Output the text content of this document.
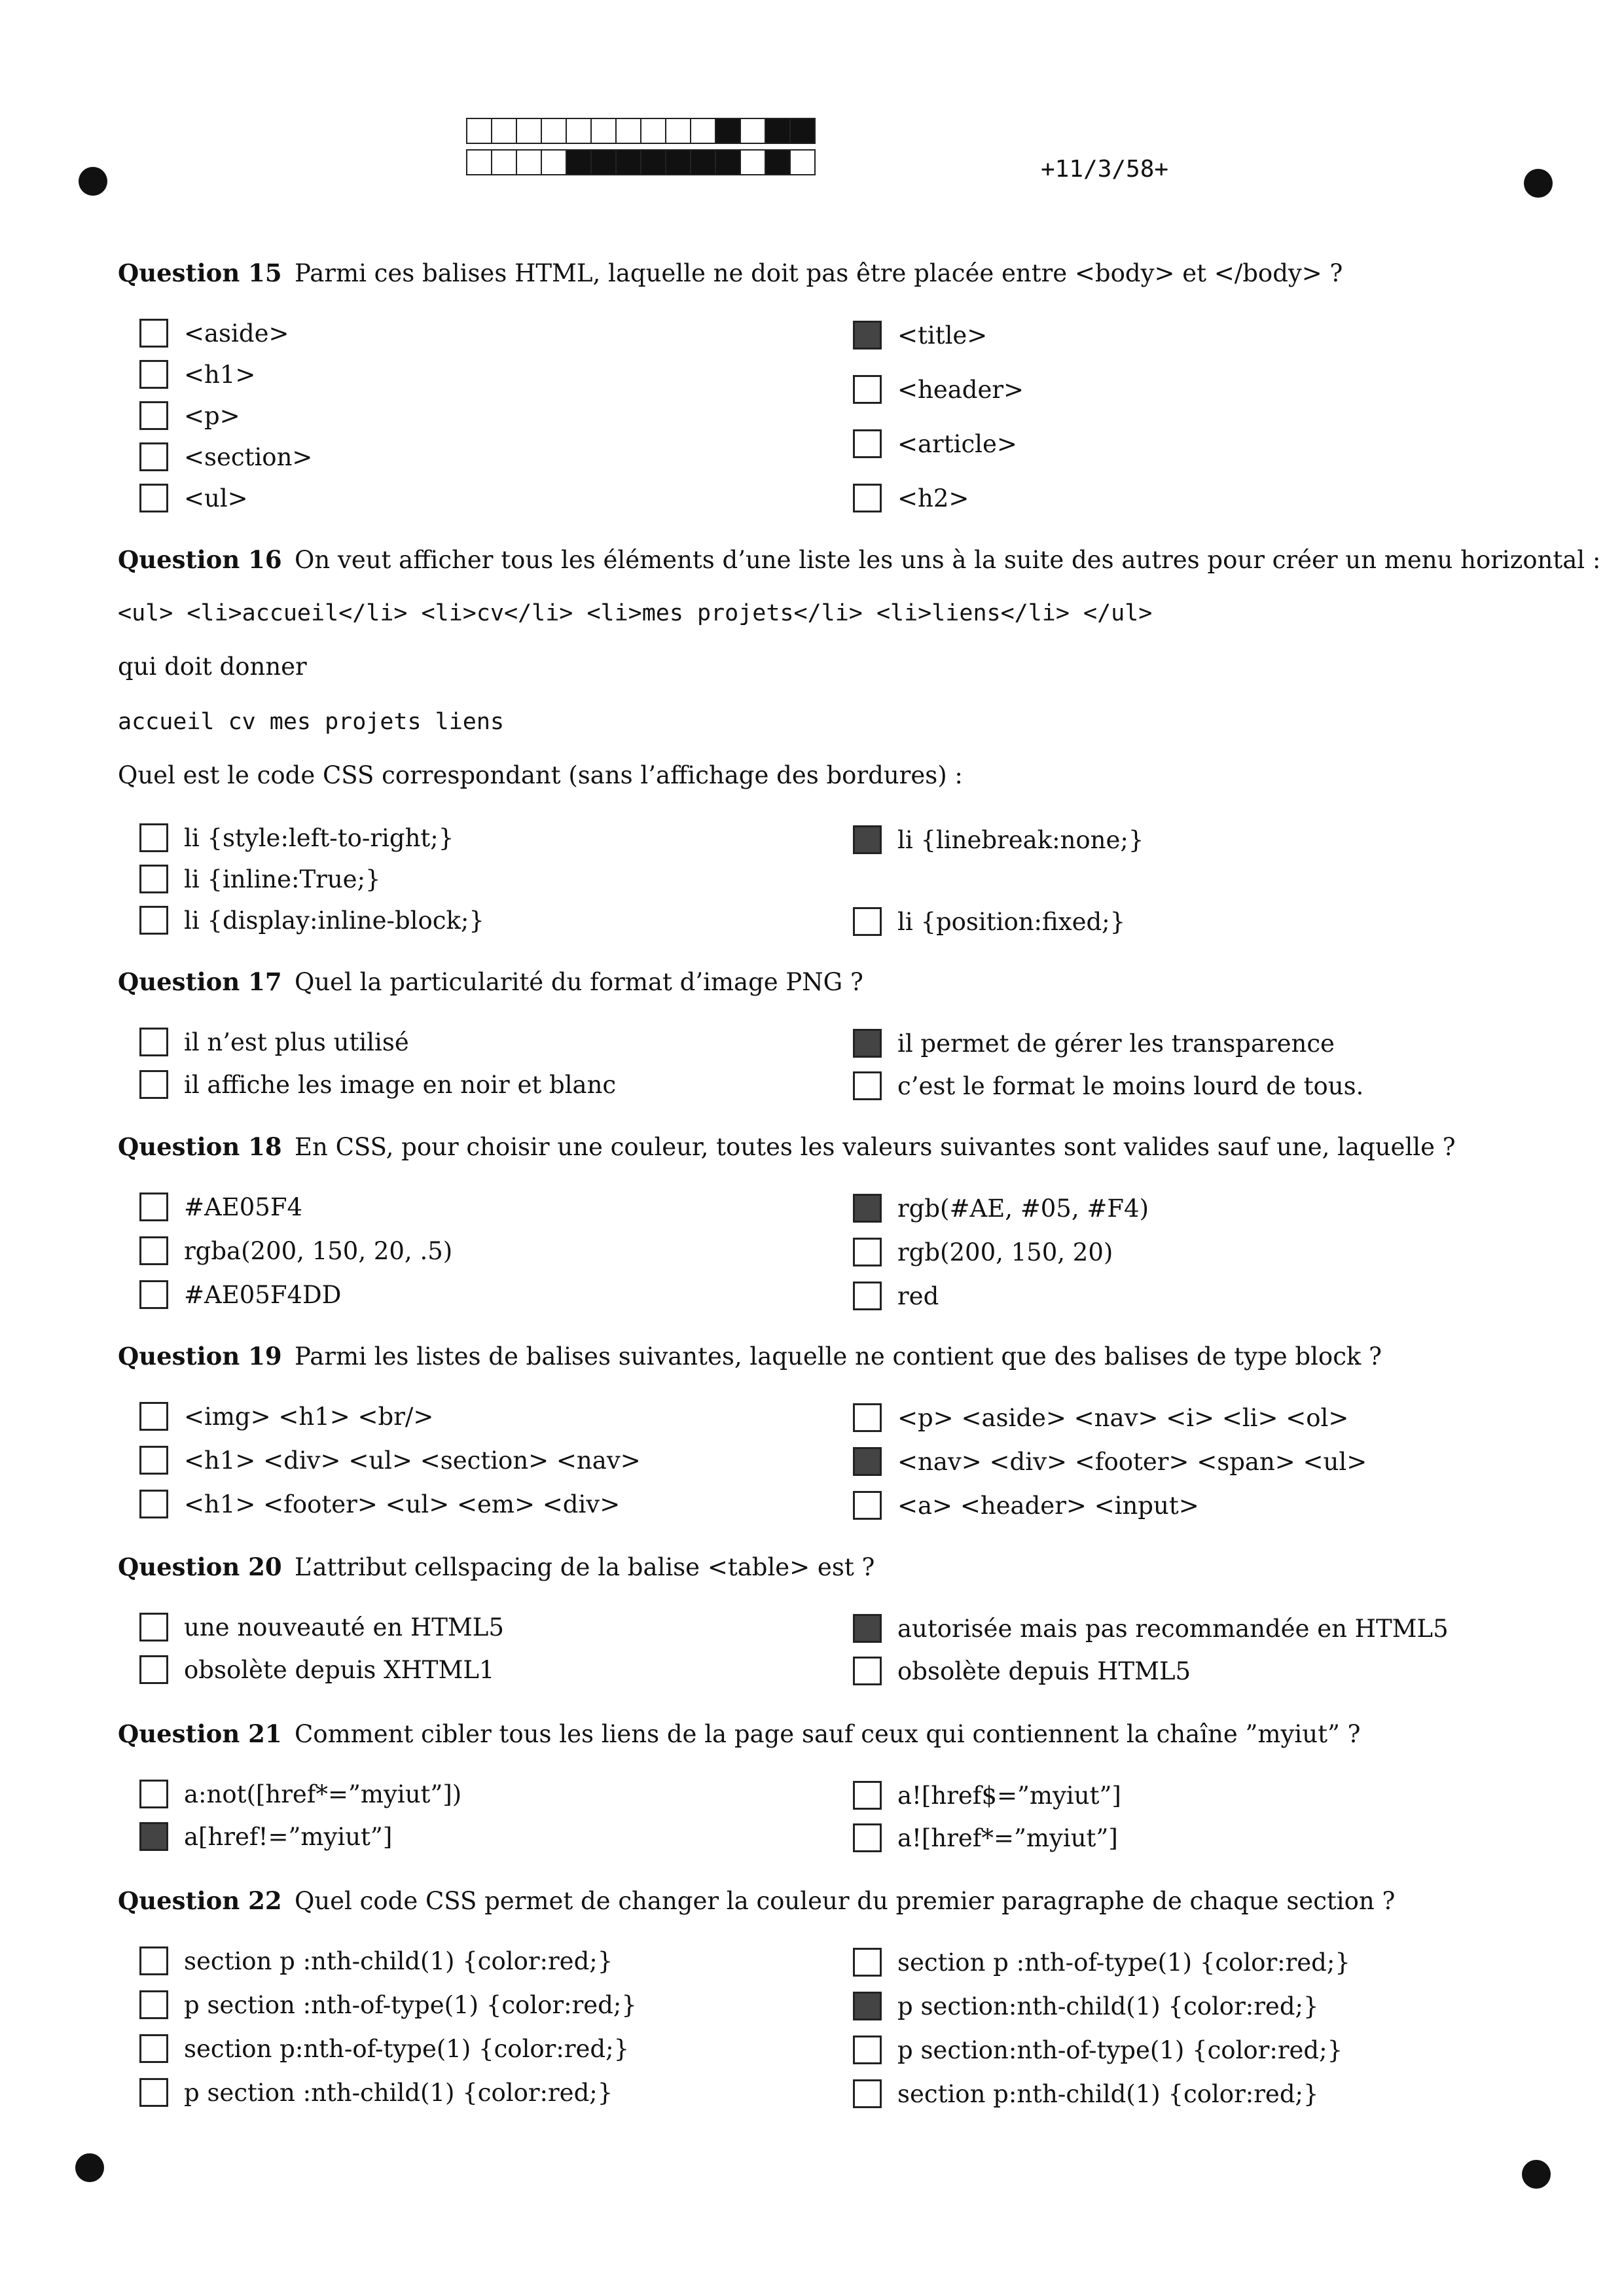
+11/3/58+
Question 15 Parmi ces balises HTML, laquelle ne doit pas être placée entre <body> et </body> ?
<aside>
<h1>
<p>
<section>
<ul>
<title>
<header>
<article>
<h2>
Question 16 On veut afficher tous les éléments d’une liste les uns à la suite des autres pour créer un menu horizontal :
<ul> <li>accueil</li> <li>cv</li> <li>mes projets</li> <li>liens</li> </ul>
qui doit donner
accueil cv mes projets liens
Quel est le code CSS correspondant (sans l’affichage des bordures) :
li {style:left-to-right;}
li {inline:True;}
li {display:inline-block;}
li {linebreak:none;}
li {position:fixed;}
Question 17 Quel la particularité du format d’image PNG ?
il n’est plus utilisé
il affiche les image en noir et blanc
il permet de gérer les transparence
c’est le format le moins lourd de tous.
Question 18 En CSS, pour choisir une couleur, toutes les valeurs suivantes sont valides sauf une, laquelle ?
#AE05F4
rgba(200, 150, 20, .5)
#AE05F4DD
rgb(#AE, #05, #F4)
rgb(200, 150, 20)
red
Question 19 Parmi les listes de balises suivantes, laquelle ne contient que des balises de type block ?
<img> <h1> <br/>
<h1> <div> <ul> <section> <nav>
<h1> <footer> <ul> <em> <div>
<p> <aside> <nav> <i> <li> <ol>
<nav> <div> <footer> <span> <ul>
<a> <header> <input>
Question 20 L’attribut cellspacing de la balise <table> est ?
une nouveauté en HTML5
obsolète depuis XHTML1
autorisée mais pas recommandée en HTML5
obsolète depuis HTML5
Question 21 Comment cibler tous les liens de la page sauf ceux qui contiennent la chaîne ”myiut” ?
a:not([href*=”myiut”])
a[href!=”myiut”]
a![href$=”myiut”]
a![href*=”myiut”]
Question 22 Quel code CSS permet de changer la couleur du premier paragraphe de chaque section ?
section p :nth-child(1) {color:red;}
p section :nth-of-type(1) {color:red;}
section p:nth-of-type(1) {color:red;}
p section :nth-child(1) {color:red;}
section p :nth-of-type(1) {color:red;}
p section:nth-child(1) {color:red;}
p section:nth-of-type(1) {color:red;}
section p:nth-child(1) {color:red;}
